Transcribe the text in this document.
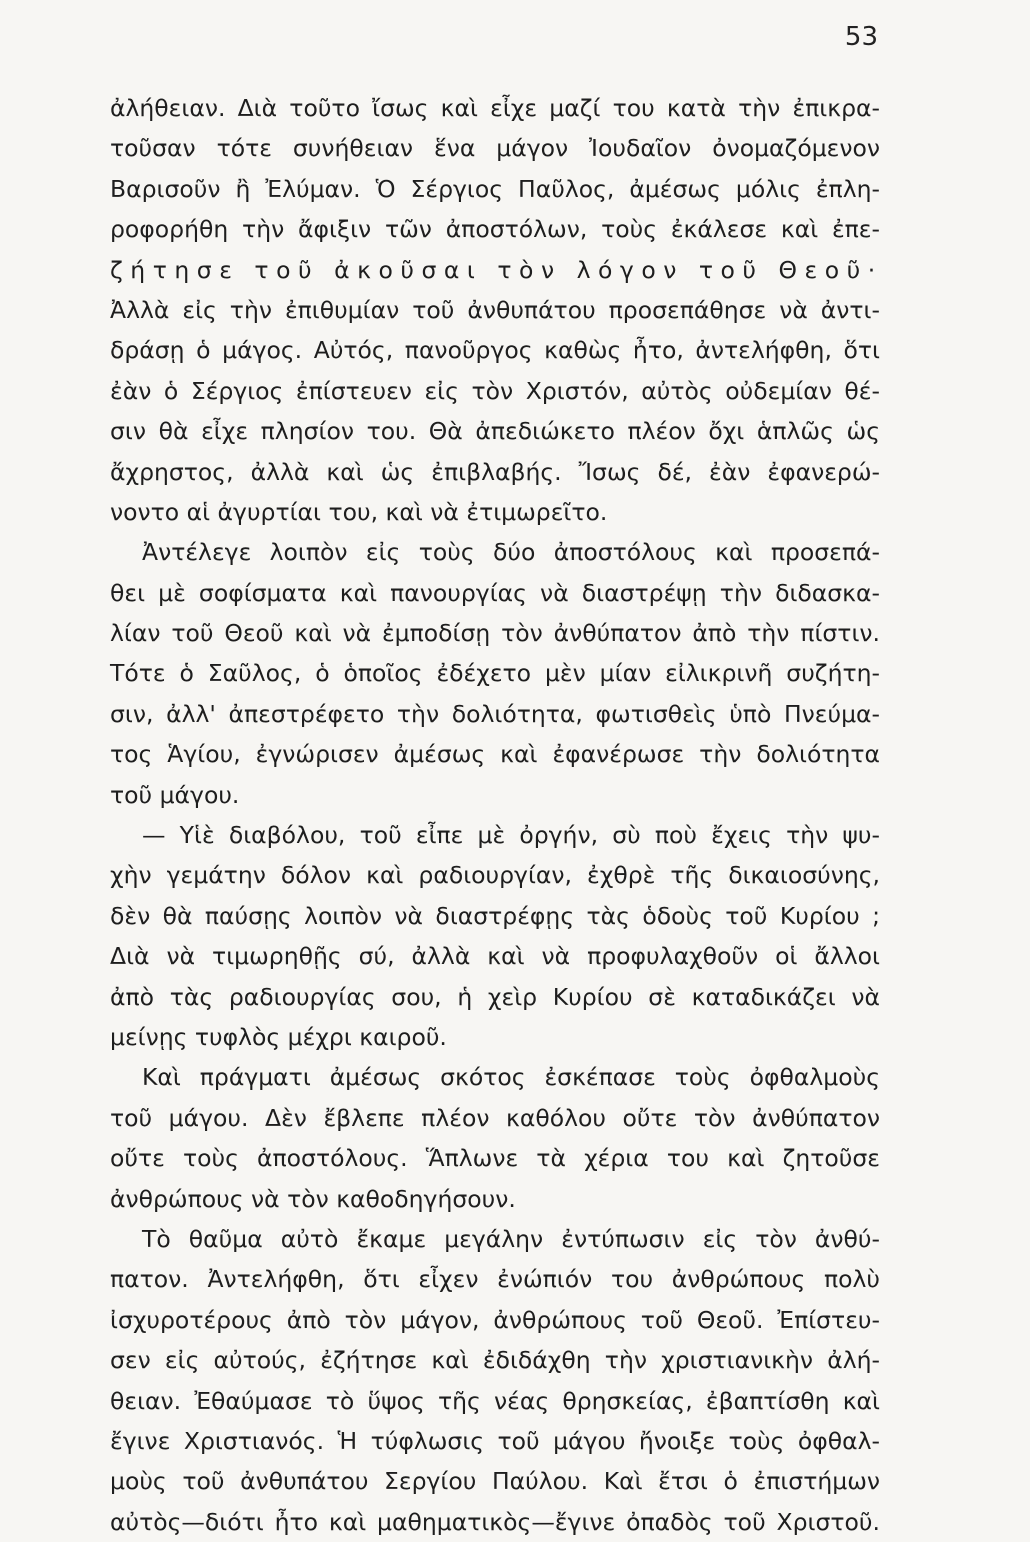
53
ἀλήθειαν. Διὰ τοῦτο ἴσως καὶ εἶχε μαζί του κατὰ τὴν ἐπικρα-
τοῦσαν τότε συνήθειαν ἕνα μάγον Ἰουδαῖον ὀνομαζόμενον
Βαρισοῦν ἢ Ἐλύμαν. Ὁ Σέργιος Παῦλος, ἀμέσως μόλις ἐπλη-
ροφορήθη τὴν ἄφιξιν τῶν ἀποστόλων, τοὺς ἐκάλεσε καὶ ἐπε-
ζήτησε τοῦ ἀκοῦσαι τὸν λόγον τοῦ Θεοῦ·
Ἀλλὰ εἰς τὴν ἐπιθυμίαν τοῦ ἀνθυπάτου προσεπάθησε νὰ ἀντι-
δράσῃ ὁ μάγος. Αὐτός, πανοῦργος καθὼς ἦτο, ἀντελήφθη, ὅτι
ἐὰν ὁ Σέργιος ἐπίστευεν εἰς τὸν Χριστόν, αὐτὸς οὐδεμίαν θέ-
σιν θὰ εἶχε πλησίον του. Θὰ ἀπεδιώκετο πλέον ὄχι ἁπλῶς ὡς
ἄχρηστος, ἀλλὰ καὶ ὡς ἐπιβλαβής. Ἴσως δέ, ἐὰν ἐφανερώ-
νοντο αἱ ἀγυρτίαι του, καὶ νὰ ἐτιμωρεῖτο.
Ἀντέλεγε λοιπὸν εἰς τοὺς δύο ἀποστόλους καὶ προσεπά-
θει μὲ σοφίσματα καὶ πανουργίας νὰ διαστρέψῃ τὴν διδασκα-
λίαν τοῦ Θεοῦ καὶ νὰ ἐμποδίσῃ τὸν ἀνθύπατον ἀπὸ τὴν πίστιν.
Τότε ὁ Σαῦλος, ὁ ὁποῖος ἐδέχετο μὲν μίαν εἰλικρινῆ συζήτη-
σιν, ἀλλ' ἀπεστρέφετο τὴν δολιότητα, φωτισθεὶς ὑπὸ Πνεύμα-
τος Ἁγίου, ἐγνώρισεν ἀμέσως καὶ ἐφανέρωσε τὴν δολιότητα
τοῦ μάγου.
— Υἱὲ διαβόλου, τοῦ εἶπε μὲ ὀργήν, σὺ ποὺ ἔχεις τὴν ψυ-
χὴν γεμάτην δόλον καὶ ραδιουργίαν, ἐχθρὲ τῆς δικαιοσύνης,
δὲν θὰ παύσῃς λοιπὸν νὰ διαστρέφῃς τὰς ὁδοὺς τοῦ Κυρίου ;
Διὰ νὰ τιμωρηθῇς σύ, ἀλλὰ καὶ νὰ προφυλαχθοῦν οἱ ἄλλοι
ἀπὸ τὰς ραδιουργίας σου, ἡ χεὶρ Κυρίου σὲ καταδικάζει νὰ
μείνῃς τυφλὸς μέχρι καιροῦ.
Καὶ πράγματι ἀμέσως σκότος ἐσκέπασε τοὺς ὀφθαλμοὺς
τοῦ μάγου. Δὲν ἔβλεπε πλέον καθόλου οὔτε τὸν ἀνθύπατον
οὔτε τοὺς ἀποστόλους. Ἅπλωνε τὰ χέρια του καὶ ζητοῦσε
ἀνθρώπους νὰ τὸν καθοδηγήσουν.
Τὸ θαῦμα αὐτὸ ἔκαμε μεγάλην ἐντύπωσιν εἰς τὸν ἀνθύ-
πατον. Ἀντελήφθη, ὅτι εἶχεν ἐνώπιόν του ἀνθρώπους πολὺ
ἰσχυροτέρους ἀπὸ τὸν μάγον, ἀνθρώπους τοῦ Θεοῦ. Ἐπίστευ-
σεν εἰς αὐτούς, ἐζήτησε καὶ ἐδιδάχθη τὴν χριστιανικὴν ἀλή-
θειαν. Ἐθαύμασε τὸ ὕψος τῆς νέας θρησκείας, ἐβαπτίσθη καὶ
ἔγινε Χριστιανός. Ἡ τύφλωσις τοῦ μάγου ἤνοιξε τοὺς ὀφθαλ-
μοὺς τοῦ ἀνθυπάτου Σεργίου Παύλου. Καὶ ἔτσι ὁ ἐπιστήμων
αὐτὸς—διότι ἦτο καὶ μαθηματικὸς—ἔγινε ὀπαδὸς τοῦ Χριστοῦ.
